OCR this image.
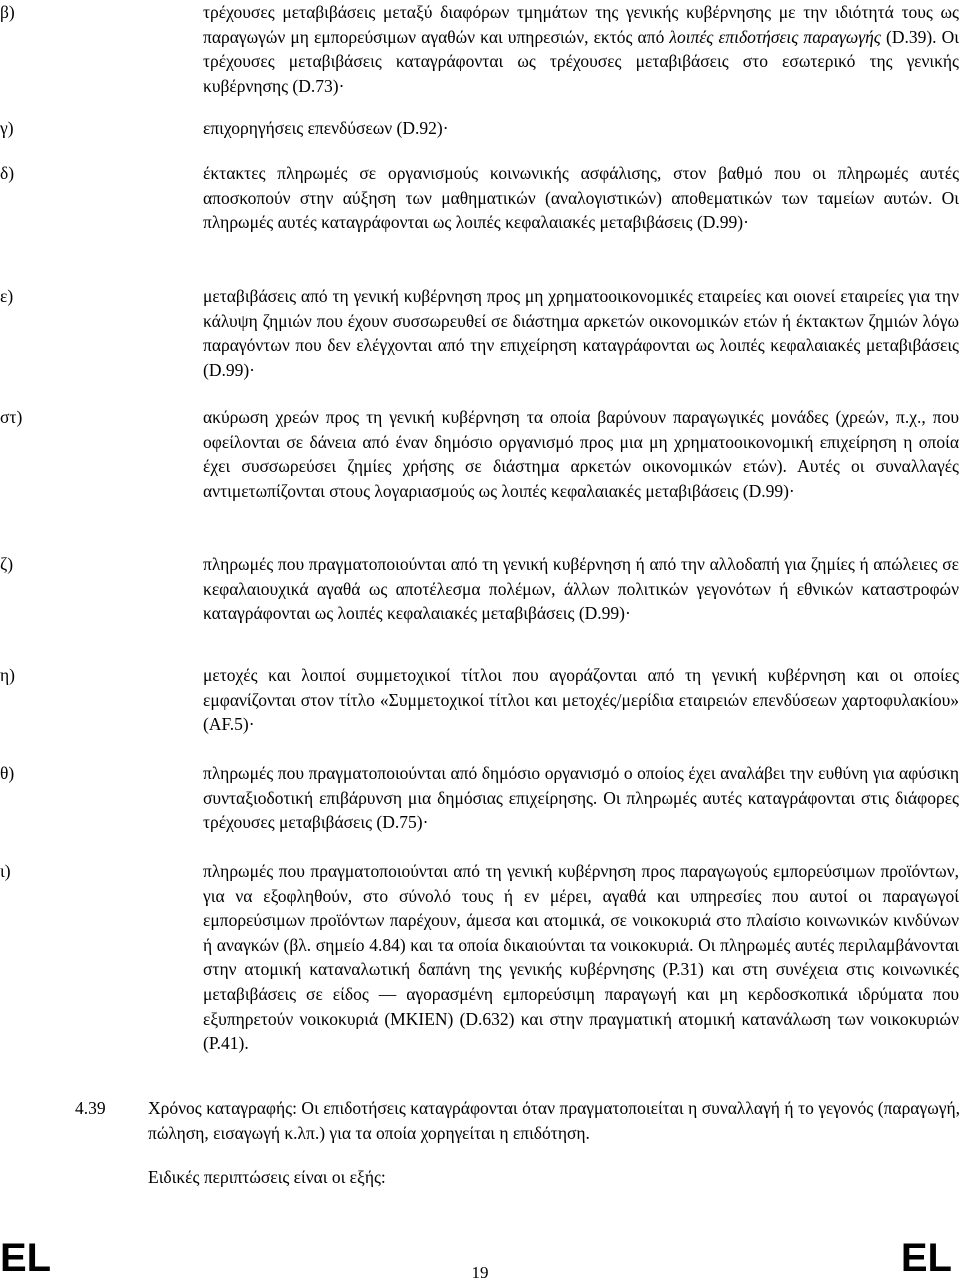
β)	τρέχουσες μεταβιβάσεις μεταξύ διαφόρων τμημάτων της γενικής κυβέρνησης με την ιδιότητά τους ως παραγωγών μη εμπορεύσιμων αγαθών και υπηρεσιών, εκτός από λοιπές επιδοτήσεις παραγωγής (D.39). Οι τρέχουσες μεταβιβάσεις καταγράφονται ως τρέχουσες μεταβιβάσεις στο εσωτερικό της γενικής κυβέρνησης (D.73)·
γ)	επιχορηγήσεις επενδύσεων (D.92)·
δ)	έκτακτες πληρωμές σε οργανισμούς κοινωνικής ασφάλισης, στον βαθμό που οι πληρωμές αυτές αποσκοπούν στην αύξηση των μαθηματικών (αναλογιστικών) αποθεματικών των ταμείων αυτών. Οι πληρωμές αυτές καταγράφονται ως λοιπές κεφαλαιακές μεταβιβάσεις (D.99)·
ε)	μεταβιβάσεις από τη γενική κυβέρνηση προς μη χρηματοοικονομικές εταιρείες και οιονεί εταιρείες για την κάλυψη ζημιών που έχουν συσσωρευθεί σε διάστημα αρκετών οικονομικών ετών ή έκτακτων ζημιών λόγω παραγόντων που δεν ελέγχονται από την επιχείρηση καταγράφονται ως λοιπές κεφαλαιακές μεταβιβάσεις (D.99)·
στ)	ακύρωση χρεών προς τη γενική κυβέρνηση τα οποία βαρύνουν παραγωγικές μονάδες (χρεών, π.χ., που οφείλονται σε δάνεια από έναν δημόσιο οργανισμό προς μια μη χρηματοοικονομική επιχείρηση η οποία έχει συσσωρεύσει ζημίες χρήσης σε διάστημα αρκετών οικονομικών ετών). Αυτές οι συναλλαγές αντιμετωπίζονται στους λογαριασμούς ως λοιπές κεφαλαιακές μεταβιβάσεις (D.99)·
ζ)	πληρωμές που πραγματοποιούνται από τη γενική κυβέρνηση ή από την αλλοδαπή για ζημίες ή απώλειες σε κεφαλαιουχικά αγαθά ως αποτέλεσμα πολέμων, άλλων πολιτικών γεγονότων ή εθνικών καταστροφών καταγράφονται ως λοιπές κεφαλαιακές μεταβιβάσεις (D.99)·
η)	μετοχές και λοιποί συμμετοχικοί τίτλοι που αγοράζονται από τη γενική κυβέρνηση και οι οποίες εμφανίζονται στον τίτλο «Συμμετοχικοί τίτλοι και μετοχές/μερίδια εταιρειών επενδύσεων χαρτοφυλακίου» (AF.5)·
θ)	πληρωμές που πραγματοποιούνται από δημόσιο οργανισμό ο οποίος έχει αναλάβει την ευθύνη για αφύσικη συνταξιοδοτική επιβάρυνση μια δημόσιας επιχείρησης. Οι πληρωμές αυτές καταγράφονται στις διάφορες τρέχουσες μεταβιβάσεις (D.75)·
ι)	πληρωμές που πραγματοποιούνται από τη γενική κυβέρνηση προς παραγωγούς εμπορεύσιμων προϊόντων, για να εξοφληθούν, στο σύνολό τους ή εν μέρει, αγαθά και υπηρεσίες που αυτοί οι παραγωγοί εμπορεύσιμων προϊόντων παρέχουν, άμεσα και ατομικά, σε νοικοκυριά στο πλαίσιο κοινωνικών κινδύνων ή αναγκών (βλ. σημείο 4.84) και τα οποία δικαιούνται τα νοικοκυριά. Οι πληρωμές αυτές περιλαμβάνονται στην ατομική καταναλωτική δαπάνη της γενικής κυβέρνησης (P.31) και στη συνέχεια στις κοινωνικές μεταβιβάσεις σε είδος — αγορασμένη εμπορεύσιμη παραγωγή και μη κερδοσκοπικά ιδρύματα που εξυπηρετούν νοικοκυριά (ΜΚΙΕΝ) (D.632) και στην πραγματική ατομική κατανάλωση των νοικοκυριών (P.41).
4.39 Χρόνος καταγραφής: Οι επιδοτήσεις καταγράφονται όταν πραγματοποιείται η συναλλαγή ή το γεγονός (παραγωγή, πώληση, εισαγωγή κ.λπ.) για τα οποία χορηγείται η επιδότηση.
Ειδικές περιπτώσεις είναι οι εξής:
EL	19	EL
